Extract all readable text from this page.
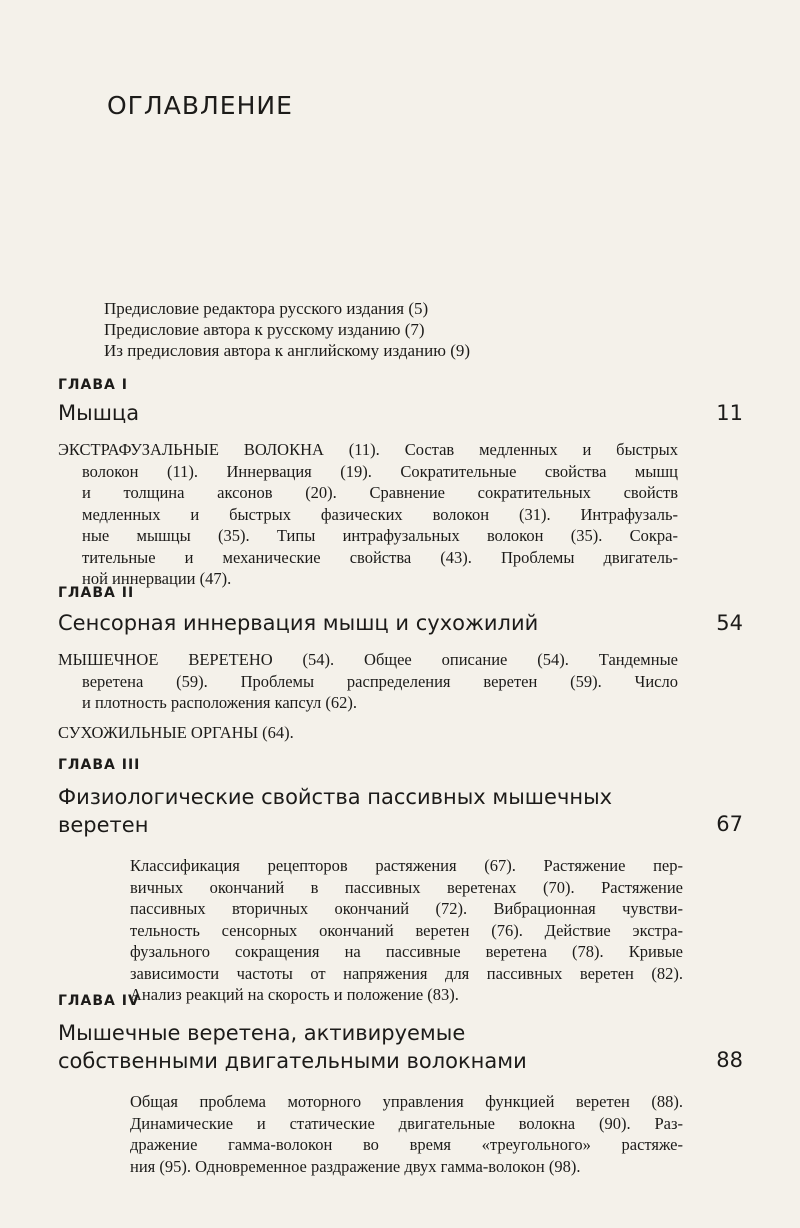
ОГЛАВЛЕНИЕ
Предисловие редактора русского издания (5)
Предисловие автора к русскому изданию (7)
Из предисловия автора к английскому изданию (9)
ГЛАВА I
Мышца	11
ЭКСТРАФУЗАЛЬНЫЕ ВОЛОКНА (11). Состав медленных и быстрых
волокон (11). Иннервация (19). Сократительные свойства мышц
и толщина аксонов (20). Сравнение сократительных свойств
медленных и быстрых фазических волокон (31). Интрафузаль-
ные мышцы (35). Типы интрафузальных волокон (35). Сокра-
тительные и механические свойства (43). Проблемы двигатель-
ной иннервации (47).
ГЛАВА II
Сенсорная иннервация мышц и сухожилий	54
МЫШЕЧНОЕ ВЕРЕТЕНО (54). Общее описание (54). Тандемные
веретена (59). Проблемы распределения веретен (59). Число
и плотность расположения капсул (62).
СУХОЖИЛЬНЫЕ ОРГАНЫ (64).
ГЛАВА III
Физиологические свойства пассивных мышечных
веретен	67
Классификация рецепторов растяжения (67). Растяжение пер-
вичных окончаний в пассивных веретенах (70). Растяжение
пассивных вторичных окончаний (72). Вибрационная чувстви-
тельность сенсорных окончаний веретен (76). Действие экстра-
фузального сокращения на пассивные веретена (78). Кривые
зависимости частоты от напряжения для пассивных веретен (82).
Анализ реакций на скорость и положение (83).
ГЛАВА IV
Мышечные веретена, активируемые
собственными двигательными волокнами	88
Общая проблема моторного управления функцией веретен (88).
Динамические и статические двигательные волокна (90). Раз-
дражение гамма-волокон во время «треугольного» растяже-
ния (95). Одновременное раздражение двух гамма-волокон (98).
